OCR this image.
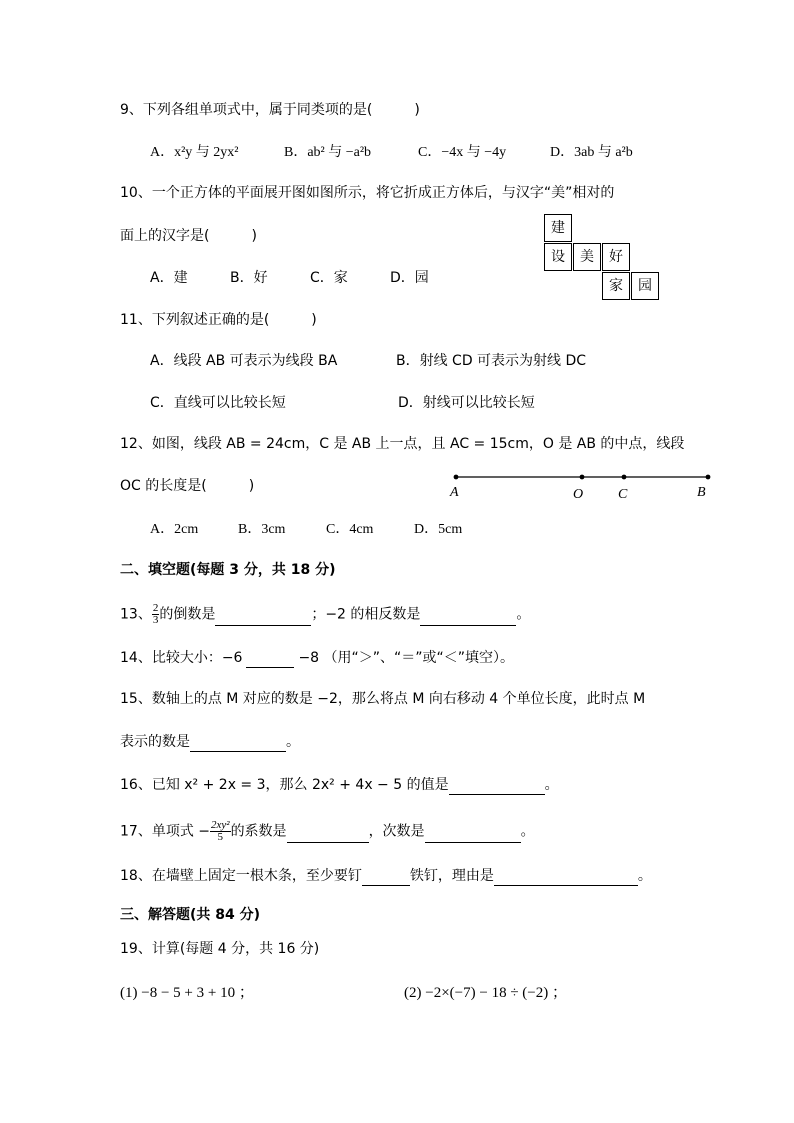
9、下列各组单项式中，属于同类项的是(　　　)
A．x²y 与 2yx²	B．ab² 与 −a²b	C．−4x 与 −4y	D．3ab 与 a²b
10、一个正方体的平面展开图如图所示，将它折成正方体后，与汉字“美”相对的
面上的汉字是(　　　)
A．建	B．好	C．家	D．园
建
设	美	好
家	园
11、下列叙述正确的是(　　　)
A．线段 AB 可表示为线段 BA	B．射线 CD 可表示为射线 DC
C．直线可以比较长短	D．射线可以比较长短
12、如图，线段 AB = 24cm，C 是 AB 上一点，且 AC = 15cm，O 是 AB 的中点，线段
OC 的长度是(　　　)
A．2cm	B．3cm	C．4cm	D．5cm
A	O C	B
二、填空题(每题 3 分，共 18 分)
13、 $\frac{2}{3}$ 的倒数是	；−2 的相反数是	。
14、比较大小：−6	−8 （用“＞”、“＝”或“＜”填空）。
15、数轴上的点 M 对应的数是 −2，那么将点 M 向右移动 4 个单位长度，此时点 M
表示的数是	。
16、已知 x² + 2x = 3，那么 2x² + 4x − 5 的值是	。
17、单项式 − $\frac{\text{2xy²}}{5}$ 的系数是	，次数是	。
18、在墙壁上固定一根木条，至少要钉	铁钉，理由是	。
三、解答题(共 84 分)
19、计算(每题 4 分，共 16 分)
(1) −8 − 5 + 3 + 10 ；	(2) −2×(−7) − 18 ÷ (−2) ；
